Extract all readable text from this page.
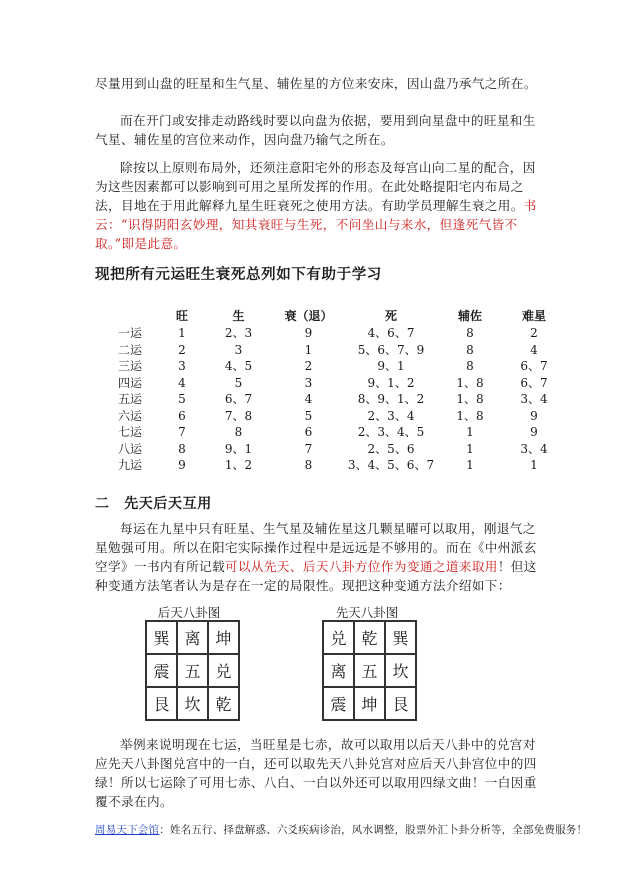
尽量用到山盘的旺星和生气星、辅佐星的方位来安床，因山盘乃承气之所在。

而在开门或安排走动路线时要以向盘为依据，要用到向星盘中的旺星和生气星、辅佐星的宫位来动作，因向盘乃输气之所在。

除按以上原则布局外，还须注意阳宅外的形态及每宫山向二星的配合，因为这些因素都可以影响到可用之星所发挥的作用。在此处略提阳宅内布局之法，目地在于用此解释九星生旺衰死之使用方法。有助学员理解生衰之用。书云：“识得阴阳玄妙理，知其衰旺与生死，不问坐山与来水，但逢死气皆不取。”即是此意。

现把所有元运旺生衰死总列如下有助于学习
	旺	生	衰（退）	死	辅佐	难星
一运	1	2、3	9	4、6、7	8	2
二运	2	3	1	5、6、7、9	8	4
三运	3	4、5	2	9、1	8	6、7
四运	4	5	3	9、1、2	1、8	6、7
五运	5	6、7	4	8、9、1、2	1、8	3、4
六运	6	7、8	5	2、3、4	1、8	9
七运	7	8	6	2、3、4、5	1	9
八运	8	9、1	7	2、5、6	1	3、4
九运	9	1、2	8	3、4、5、6、7	1	1
二　先天后天互用

每运在九星中只有旺星、生气星及辅佐星这几颗星曜可以取用，刚退气之星勉强可用。所以在阳宅实际操作过程中是远远是不够用的。而在《中州派玄空学》一书内有所记载可以从先天、后天八卦方位作为变通之道来取用！但这种变通方法笔者认为是存在一定的局限性。现把这种变通方法介绍如下：

后天八卦图
巽 离 坤
震 五 兑
艮 坎 乾
先天八卦图
兑 乾 巽
离 五 坎
震 坤 艮

举例来说明现在七运，当旺星是七赤，故可以取用以后天八卦中的兑宫对应先天八卦图兑宫中的一白，还可以取先天八卦兑宫对应后天八卦宫位中的四绿！所以七运除了可用七赤、八白、一白以外还可以取用四绿文曲！一白因重覆不录在内。

周易天下会馆：姓名五行、择盘解惑、六爻疾病诊治，风水调整，股票外汇卜卦分析等，全部免费服务！
